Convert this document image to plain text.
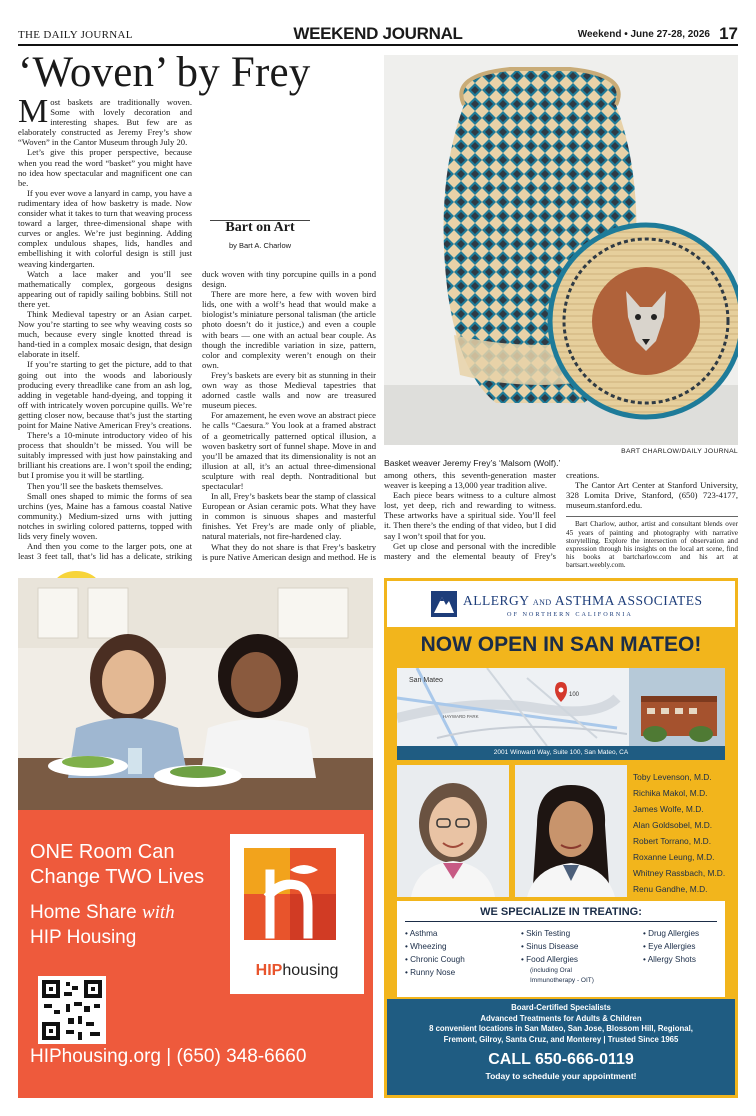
THE DAILY JOURNAL	WEEKEND JOURNAL	Weekend • June 27-28, 2026 17
‘Woven’ by Frey

Most baskets are traditionally woven. Some with lovely decoration and interesting shapes. But few are as elaborately constructed as Jeremy Frey’s show “Woven” in the Cantor Museum through July 20.

Let’s give this proper perspective, because when you read the word “basket” you might have no idea how spectacular and magnificent one can be.

If you ever wove a lanyard in camp, you have a rudimentary idea of how basketry is made. Now consider what it takes to turn that weaving process toward a larger, three-dimensional shape with curves or angles. We’re just beginning. Adding complex undulous shapes, lids, handles and embellishing it with colorful design is still just weaving kindergarten.

Watch a lace maker and you’ll see mathematically complex, gorgeous designs appearing out of rapidly sailing bobbins. Still not there yet.

Think Medieval tapestry or an Asian carpet. Now you’re starting to see why weaving costs so much, because every single knotted thread is hand-tied in a complex mosaic design, that design elaborate in itself.

If you’re starting to get the picture, add to that going out into the woods and laboriously producing every threadlike cane from an ash log, adding in vegetable hand-dyeing, and topping it off with intricately woven porcupine quills. We’re getting closer now, because that’s just the starting point for Maine Native American Frey’s creations.

There’s a 10-minute introductory video of his process that shouldn’t be missed. You will be suitably impressed with just how painstaking and brilliant his creations are. I won’t spoil the ending; but I promise you it will be startling.

Then you’ll see the baskets themselves.

Small ones shaped to mimic the forms of sea urchins (yes, Maine has a famous coastal Native community.) Medium-sized urns with jutting notches in swirling colored patterns, topped with lids very finely woven.

Bart on Art
by Bart A. Charlow

And then you come to the larger pots, one at least 3 feet tall, that’s lid has a delicate, striking duck woven with tiny porcupine quills in a pond design.

There are more here, a few with woven bird lids, one with a wolf’s head that would make a biologist’s miniature personal talisman (the article photo doesn’t do it justice,) and even a couple with bears — one with an actual bear couple. As though the incredible variation in size, pattern, color and complexity weren’t enough on their own.

Frey’s baskets are every bit as stunning in their own way as those Medieval tapestries that adorned castle walls and now are treasured museum pieces.

For amazement, he even wove an abstract piece he calls “Caesura.” You look at a framed abstract of a geometrically patterned optical illusion, a woven basketry sort of funnel shape. Move in and you’ll be amazed that its dimensionality is not an illusion at all, it’s an actual three-dimensional sculpture with real depth. Nontraditional but spectacular!

In all, Frey’s baskets bear the stamp of classical European or Asian ceramic pots. What they have in common is sinuous shapes and masterful finishes. Yet Frey’s are made only of pliable, natural materials, not fire-hardened clay.

What they do not share is that Frey’s basketry is pure Native American design and method. He is

BART CHARLOW/DAILY JOURNAL
Basket weaver Jeremy Frey’s ‘Malsom (Wolf).’

among others, this seventh-generation master weaver is keeping a 13,000 year tradition alive.

Each piece bears witness to a culture almost lost, yet deep, rich and rewarding to witness. These artworks have a spiritual side. You’ll feel it. Then there’s the ending of that video, but I did say I won’t spoil that for you.

Get up close and personal with the incredible mastery and the elemental beauty of Frey’s creations.

The Cantor Art Center at Stanford University, 328 Lomita Drive, Stanford, (650) 723-4177, museum.stanford.edu.

Bart Charlow, author, artist and consultant blends over 45 years of painting and photography with narrative storytelling. Explore the intersection of observation and expression through his insights on the local art scene, find his books at bartcharlow.com and his art at bartsart.weebly.com.

ONE Room Can
Change TWO Lives
Home Share with
HIP Housing
HIPhousing
HIPhousing.org | (650) 348-6660
ALLERGY AND ASTHMA ASSOCIATES
OF NORTHERN CALIFORNIA
NOW OPEN IN SAN MATEO!
San Mateo
HAYWARD PARK
100
2001 Winward Way, Suite 100, San Mateo, CA
Toby Levenson, M.D.
Richika Makol, M.D.
James Wolfe, M.D.
Alan Goldsobel, M.D.
Robert Torrano, M.D.
Roxanne Leung, M.D.
Whitney Rassbach, M.D.
Renu Gandhe, M.D.
WE SPECIALIZE IN TREATING:
• Asthma
• Wheezing
• Chronic Cough
• Runny Nose
• Skin Testing
• Sinus Disease
• Food Allergies
(including Oral
Immunotherapy - OIT)
• Drug Allergies
• Eye Allergies
• Allergy Shots
Board-Certified Specialists
Advanced Treatments for Adults & Children
8 convenient locations in San Mateo, San Jose, Blossom Hill, Regional,
Fremont, Gilroy, Santa Cruz, and Monterey | Trusted Since 1965
CALL 650-666-0119
Today to schedule your appointment!
